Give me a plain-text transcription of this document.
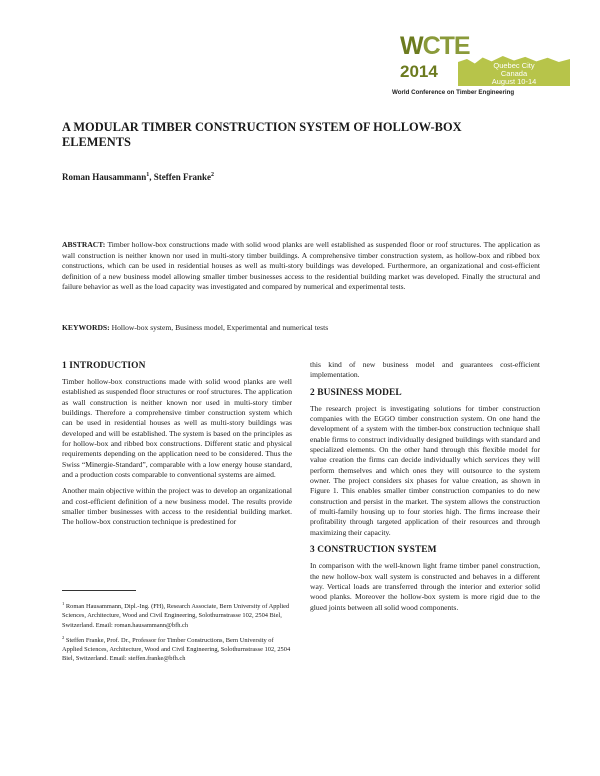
WCTE
2014	Quebec City
Canada
August 10-14
World Conference on Timber Engineering
A MODULAR TIMBER CONSTRUCTION SYSTEM OF HOLLOW-BOX ELEMENTS
Roman Hausammann$^1$, Steffen Franke$^2$
ABSTRACT: Timber hollow-box constructions made with solid wood planks are well established as suspended floor or roof structures. The application as wall construction is neither known nor used in multi-story timber buildings. A comprehensive timber construction system, as hollow-box and ribbed box constructions, which can be used in residential houses as well as multi-story buildings was developed. Furthermore, an organizational and cost-efficient definition of a new business model allowing smaller timber businesses access to the residential building market was developed. Finally the structural and failure behavior as well as the load capacity was investigated and compared by numerical and experimental tests.
KEYWORDS: Hollow-box system, Business model, Experimental and numerical tests
1 INTRODUCTION

Timber hollow-box constructions made with solid wood planks are well established as suspended floor structures or roof structures. The application as wall construction is neither known nor used in multi-story timber buildings. Therefore a comprehensive timber construction system which can be used in residential houses as well as multi-story buildings was developed and will be established. The system is based on the principles as for hollow-box and ribbed box constructions. Different static and physical requirements depending on the application need to be considered. Thus the Swiss “Minergie-Standard”, comparable with a low energy house standard, and a production costs comparable to conventional systems are aimed.

Another main objective within the project was to develop an organizational and cost-efficient definition of a new business model. The results provide smaller timber businesses with access to the residential building market. The hollow-box construction technique is predestined for

$^1$ Roman Hausammann, Dipl.-Ing. (FH), Research Associate, Bern University of Applied Sciences, Architecture, Wood and Civil Engineering, Solothurnstrasse 102, 2504 Biel, Switzerland. Email: roman.hausammann@bfh.ch
$^2$ Steffen Franke, Prof. Dr., Professor for Timber Constructions, Bern University of Applied Sciences, Architecture, Wood and Civil Engineering, Solothurnstrasse 102, 2504 Biel, Switzerland. Email: steffen.franke@bfh.ch

this kind of new business model and guarantees cost-efficient implementation.

2 BUSINESS MODEL

The research project is investigating solutions for timber construction companies with the EGGO timber construction system. On one hand the development of a system with the timber-box construction technique shall enable firms to construct individually designed buildings with standard and specialized elements. On the other hand through this flexible model for value creation the firms can decide individually which services they will perform themselves and which ones they will outsource to the system owner. The project considers six phases for value creation, as shown in Figure 1. This enables smaller timber construction companies to do new construction and persist in the market. The system allows the construction of multi-family housing up to four stories high. The firms increase their profitability through targeted application of their resources and through maximizing their capacity.

3 CONSTRUCTION SYSTEM

In comparison with the well-known light frame timber panel construction, the new hollow-box wall system is constructed and behaves in a different way. Vertical loads are transferred through the interior and exterior solid wood planks. Moreover the hollow-box system is more rigid due to the glued joints between all solid wood components.
